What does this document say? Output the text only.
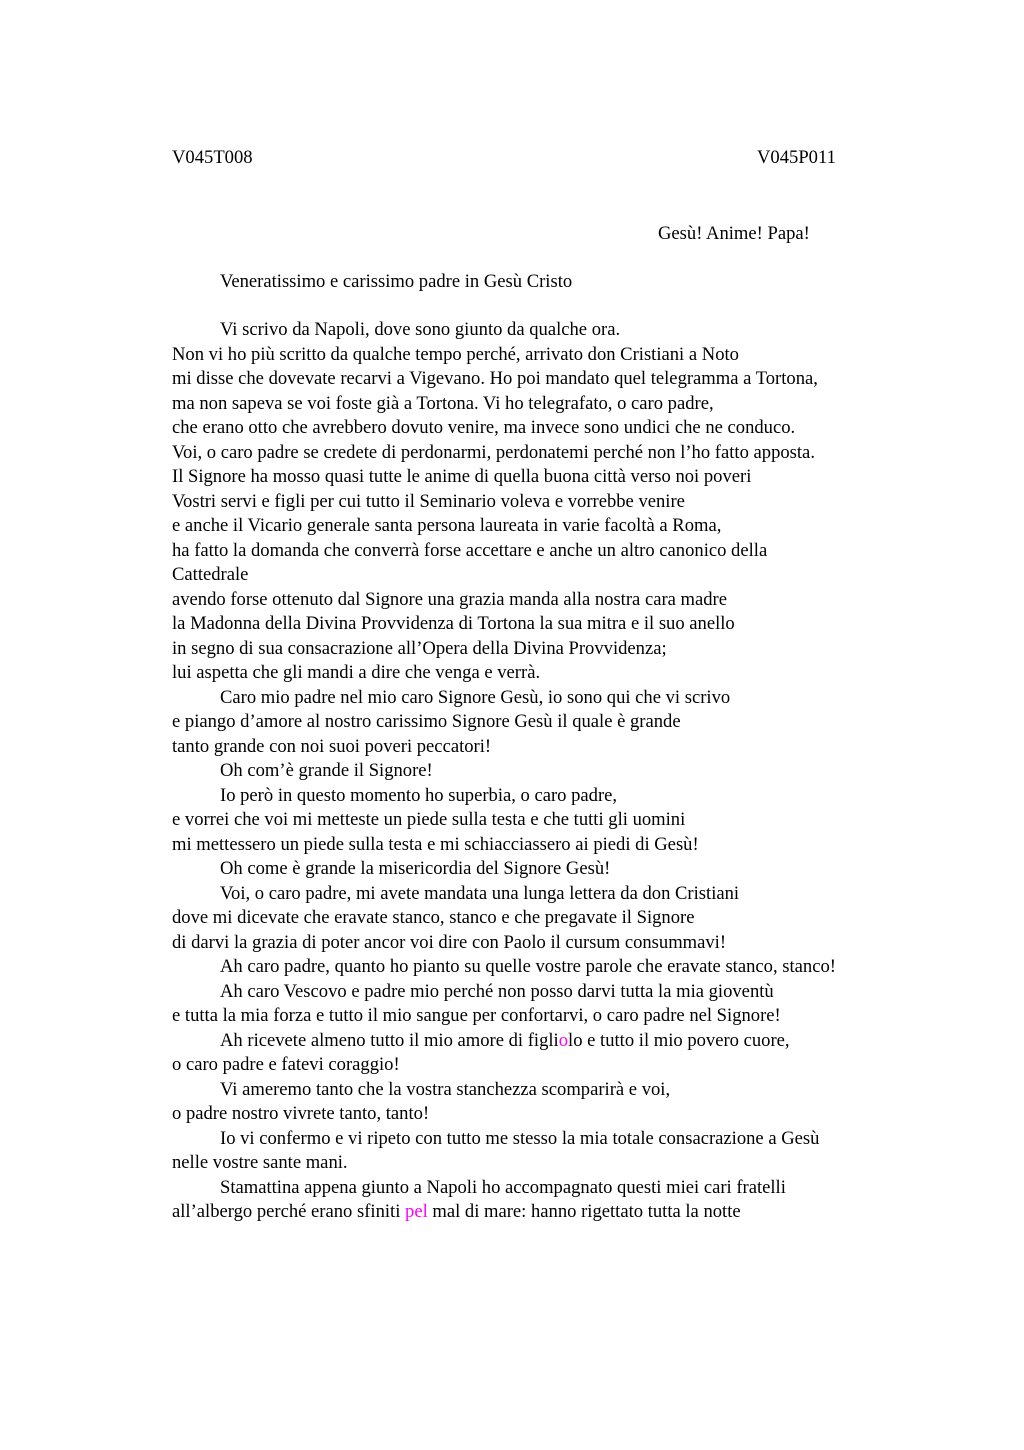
V045T008	V045P011
Gesù! Anime! Papa!
Veneratissimo e carissimo padre in Gesù Cristo
Vi scrivo da Napoli, dove sono giunto da qualche ora.
Non vi ho più scritto da qualche tempo perché, arrivato don Cristiani a Noto
mi disse che dovevate recarvi a Vigevano. Ho poi mandato quel telegramma a Tortona,
ma non sapeva se voi foste già a Tortona. Vi ho telegrafato, o caro padre,
che erano otto che avrebbero dovuto venire, ma invece sono undici che ne conduco.
Voi, o caro padre se credete di perdonarmi, perdonatemi perché non l’ho fatto apposta.
Il Signore ha mosso quasi tutte le anime di quella buona città verso noi poveri
Vostri servi e figli per cui tutto il Seminario voleva e vorrebbe venire
e anche il Vicario generale santa persona laureata in varie facoltà a Roma,
ha fatto la domanda che converrà forse accettare e anche un altro canonico della
Cattedrale
avendo forse ottenuto dal Signore una grazia manda alla nostra cara madre
la Madonna della Divina Provvidenza di Tortona la sua mitra e il suo anello
in segno di sua consacrazione all’Opera della Divina Provvidenza;
lui aspetta che gli mandi a dire che venga e verrà.
Caro mio padre nel mio caro Signore Gesù, io sono qui che vi scrivo
e piango d’amore al nostro carissimo Signore Gesù il quale è grande
tanto grande con noi suoi poveri peccatori!
Oh com’è grande il Signore!
Io però in questo momento ho superbia, o caro padre,
e vorrei che voi mi metteste un piede sulla testa e che tutti gli uomini
mi mettessero un piede sulla testa e mi schiacciassero ai piedi di Gesù!
Oh come è grande la misericordia del Signore Gesù!
Voi, o caro padre, mi avete mandata una lunga lettera da don Cristiani
dove mi dicevate che eravate stanco, stanco e che pregavate il Signore
di darvi la grazia di poter ancor voi dire con Paolo il cursum consummavi!
Ah caro padre, quanto ho pianto su quelle vostre parole che eravate stanco, stanco!
Ah caro Vescovo e padre mio perché non posso darvi tutta la mia gioventù
e tutta la mia forza e tutto il mio sangue per confortarvi, o caro padre nel Signore!
Ah ricevete almeno tutto il mio amore di figliolo e tutto il mio povero cuore,
o caro padre e fatevi coraggio!
Vi ameremo tanto che la vostra stanchezza scomparirà e voi,
o padre nostro vivrete tanto, tanto!
Io vi confermo e vi ripeto con tutto me stesso la mia totale consacrazione a Gesù
nelle vostre sante mani.
Stamattina appena giunto a Napoli ho accompagnato questi miei cari fratelli
all’albergo perché erano sfiniti pel mal di mare: hanno rigettato tutta la notte
